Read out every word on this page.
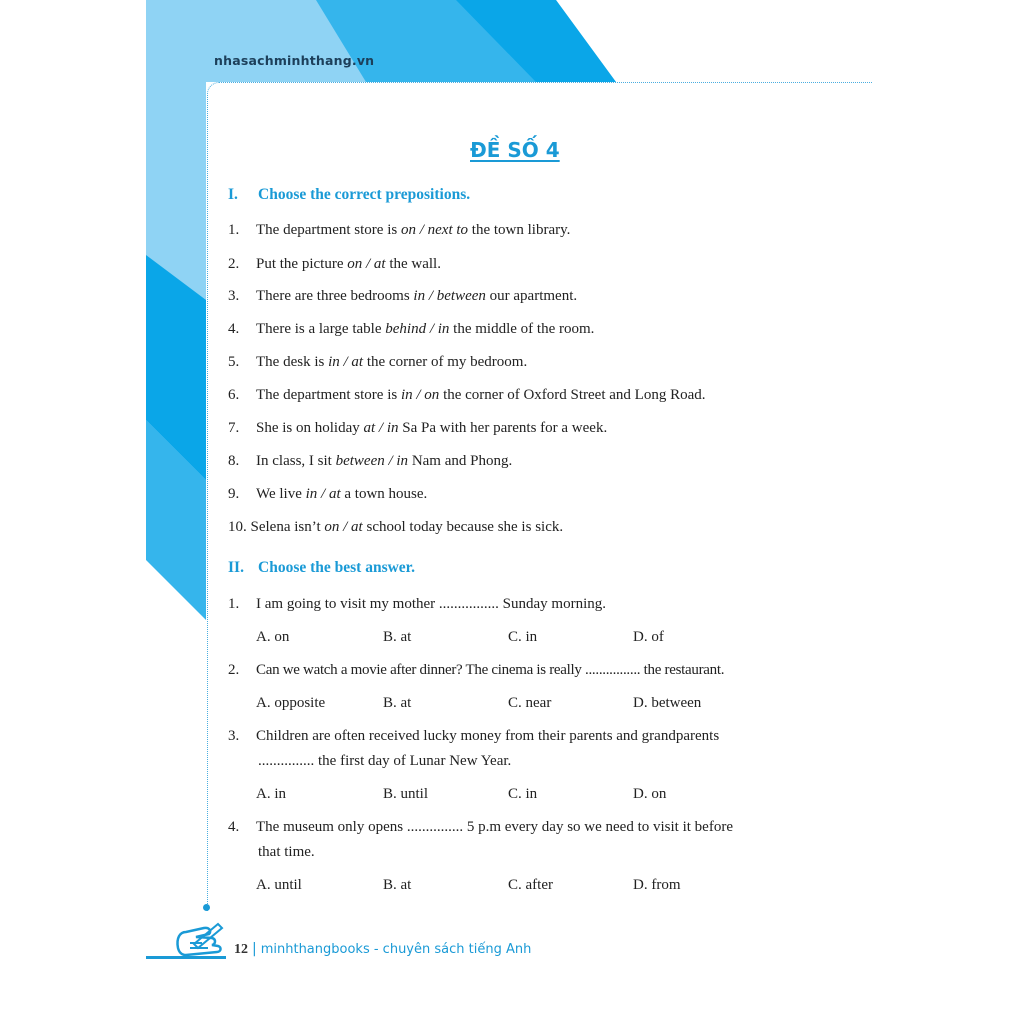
nhasachminhthang.vn
12 | minhthangbooks - chuyên sách tiếng Anh
ĐỀ SỐ 4
I. Choose the correct prepositions.
1. The department store is on / next to the town library.
2. Put the picture on / at the wall.
3. There are three bedrooms in / between our apartment.
4. There is a large table behind / in the middle of the room.
5. The desk is in / at the corner of my bedroom.
6. The department store is in / on the corner of Oxford Street and Long Road.
7. She is on holiday at / in Sa Pa with her parents for a week.
8. In class, I sit between / in Nam and Phong.
9. We live in / at a town house.
10. Selena isn’t on / at school today because she is sick.
II. Choose the best answer.
1. I am going to visit my mother ................ Sunday morning.
A. on	B. at	C. in	D. of
2. Can we watch a movie after dinner? The cinema is really ................ the restaurant.
A. opposite	B. at	C. near	D. between
3. Children are often received lucky money from their parents and grandparents
............... the first day of Lunar New Year.
A. in	B. until	C. in	D. on
4. The museum only opens ............... 5 p.m every day so we need to visit it before
that time.
A. until	B. at	C. after	D. from
